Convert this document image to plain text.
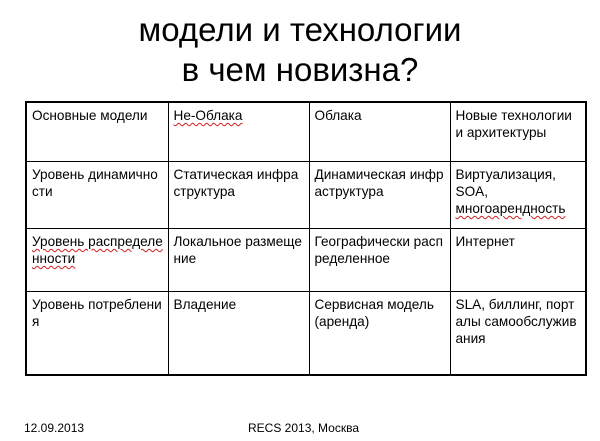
модели и технологии
в чем новизна?
Основные модели	Не-Облака	Облака	Новые технологии и архитектуры
Уровень динамичности	Статическая инфраструктура	Динамическая инфраструктура	Виртуализация,
SOA,
многоарендность
Уровень распределенности	Локальное размещение	Географически распределенное	Интернет
Уровень потребления	Владение	Сервисная модель (аренда)	SLA, биллинг, порталы самообслуживания
12.09.2013	RECS 2013, Москва
